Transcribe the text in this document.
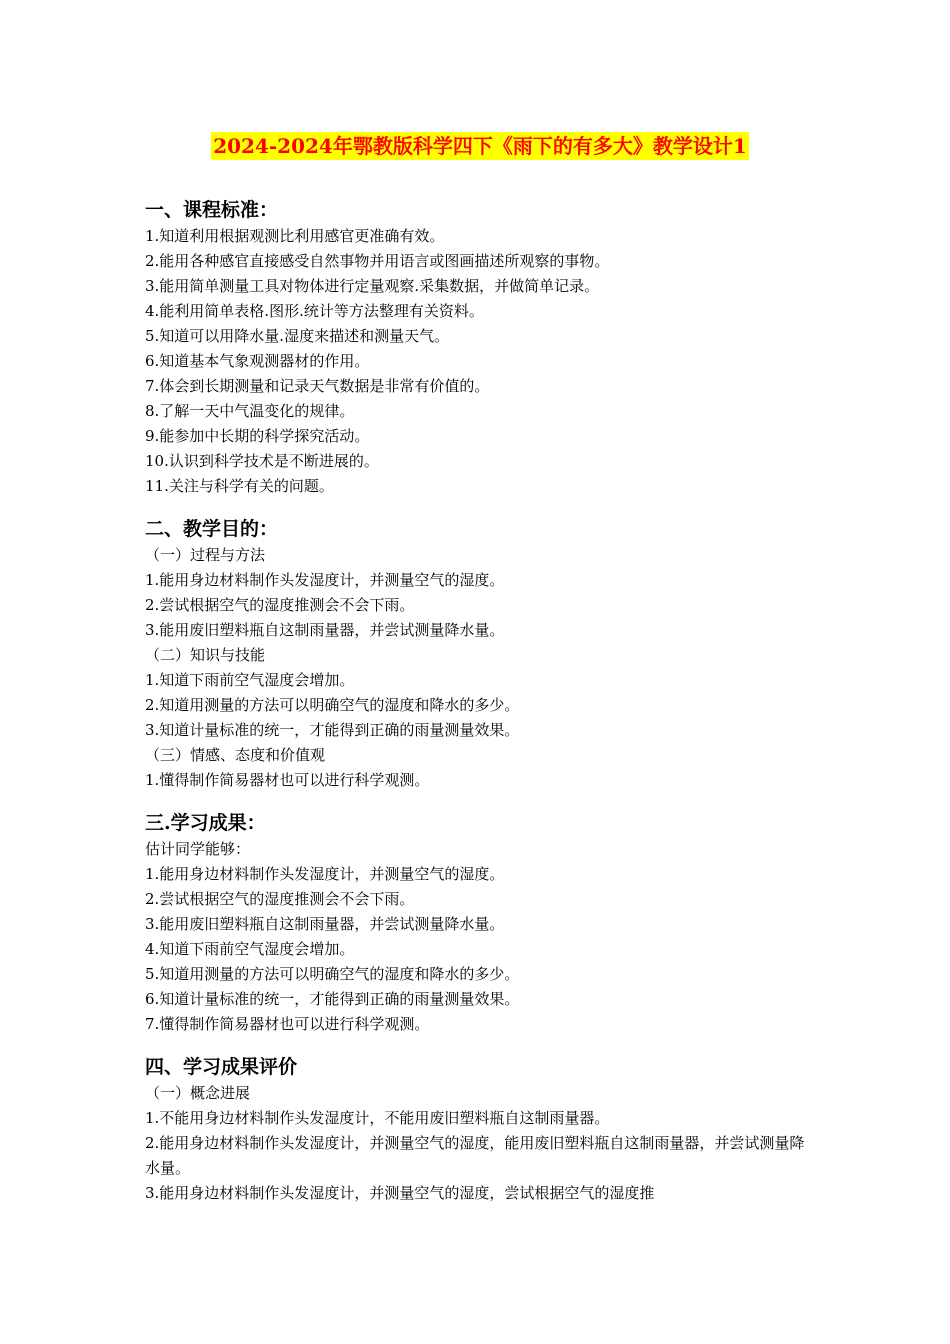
2024-2024年鄂教版科学四下《雨下的有多大》教学设计1
一、课程标准：
1.知道利用根据观测比利用感官更准确有效。
2.能用各种感官直接感受自然事物并用语言或图画描述所观察的事物。
3.能用简单测量工具对物体进行定量观察.采集数据，并做简单记录。
4.能利用简单表格.图形.统计等方法整理有关资料。
5.知道可以用降水量.湿度来描述和测量天气。
6.知道基本气象观测器材的作用。
7.体会到长期测量和记录天气数据是非常有价值的。
8.了解一天中气温变化的规律。
9.能参加中长期的科学探究活动。
10.认识到科学技术是不断进展的。
11.关注与科学有关的问题。
二、教学目的：
（一）过程与方法
1.能用身边材料制作头发湿度计，并测量空气的湿度。
2.尝试根据空气的湿度推测会不会下雨。
3.能用废旧塑料瓶自这制雨量器，并尝试测量降水量。
（二）知识与技能
1.知道下雨前空气湿度会增加。
2.知道用测量的方法可以明确空气的湿度和降水的多少。
3.知道计量标准的统一，才能得到正确的雨量测量效果。
（三）情感、态度和价值观
1.懂得制作简易器材也可以进行科学观测。
三.学习成果：
估计同学能够：
1.能用身边材料制作头发湿度计，并测量空气的湿度。
2.尝试根据空气的湿度推测会不会下雨。
3.能用废旧塑料瓶自这制雨量器，并尝试测量降水量。
4.知道下雨前空气湿度会增加。
5.知道用测量的方法可以明确空气的湿度和降水的多少。
6.知道计量标准的统一，才能得到正确的雨量测量效果。
7.懂得制作简易器材也可以进行科学观测。
四、学习成果评价
（一）概念进展
1.不能用身边材料制作头发湿度计，不能用废旧塑料瓶自这制雨量器。
2.能用身边材料制作头发湿度计，并测量空气的湿度，能用废旧塑料瓶自这制雨量器，并尝试测量降水量。
3.能用身边材料制作头发湿度计，并测量空气的湿度，尝试根据空气的湿度推
